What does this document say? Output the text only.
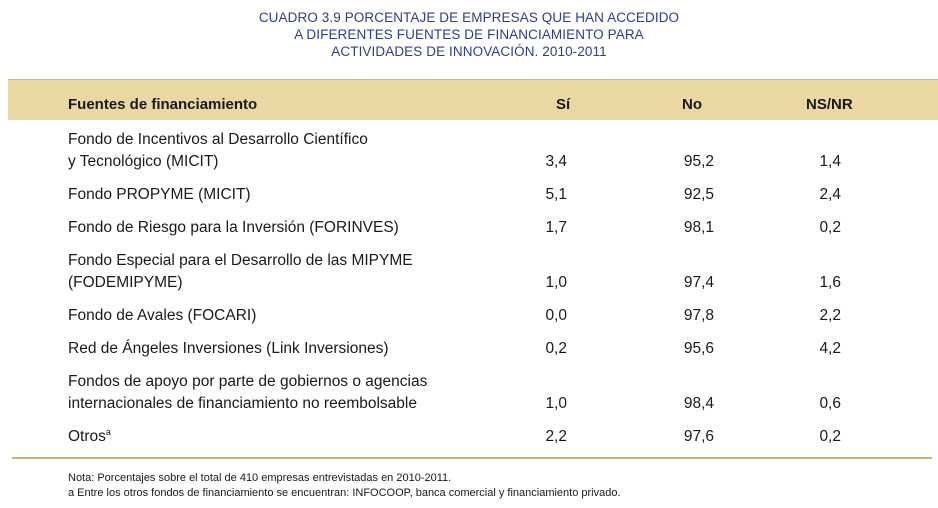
CUADRO 3.9 PORCENTAJE DE EMPRESAS QUE HAN ACCEDIDO
A DIFERENTES FUENTES DE FINANCIAMIENTO PARA
ACTIVIDADES DE INNOVACIÓN. 2010-2011
Fuentes de financiamiento	Sí	No	NS/NR
Fondo de Incentivos al Desarrollo Científico
y Tecnológico (MICIT)	3,4	95,2	1,4
Fondo PROPYME (MICIT)	5,1	92,5	2,4
Fondo de Riesgo para la Inversión (FORINVES)	1,7	98,1	0,2
Fondo Especial para el Desarrollo de las MIPYME
(FODEMIPYME)	1,0	97,4	1,6
Fondo de Avales (FOCARI)	0,0	97,8	2,2
Red de Ángeles Inversiones (Link Inversiones)	0,2	95,6	4,2
Fondos de apoyo por parte de gobiernos o agencias
internacionales de financiamiento no reembolsable	1,0	98,4	0,6
Otros$^a$	2,2	97,6	0,2
Nota: Porcentajes sobre el total de 410 empresas entrevistadas en 2010-2011.
a Entre los otros fondos de financiamiento se encuentran: INFOCOOP, banca comercial y financiamiento privado.
